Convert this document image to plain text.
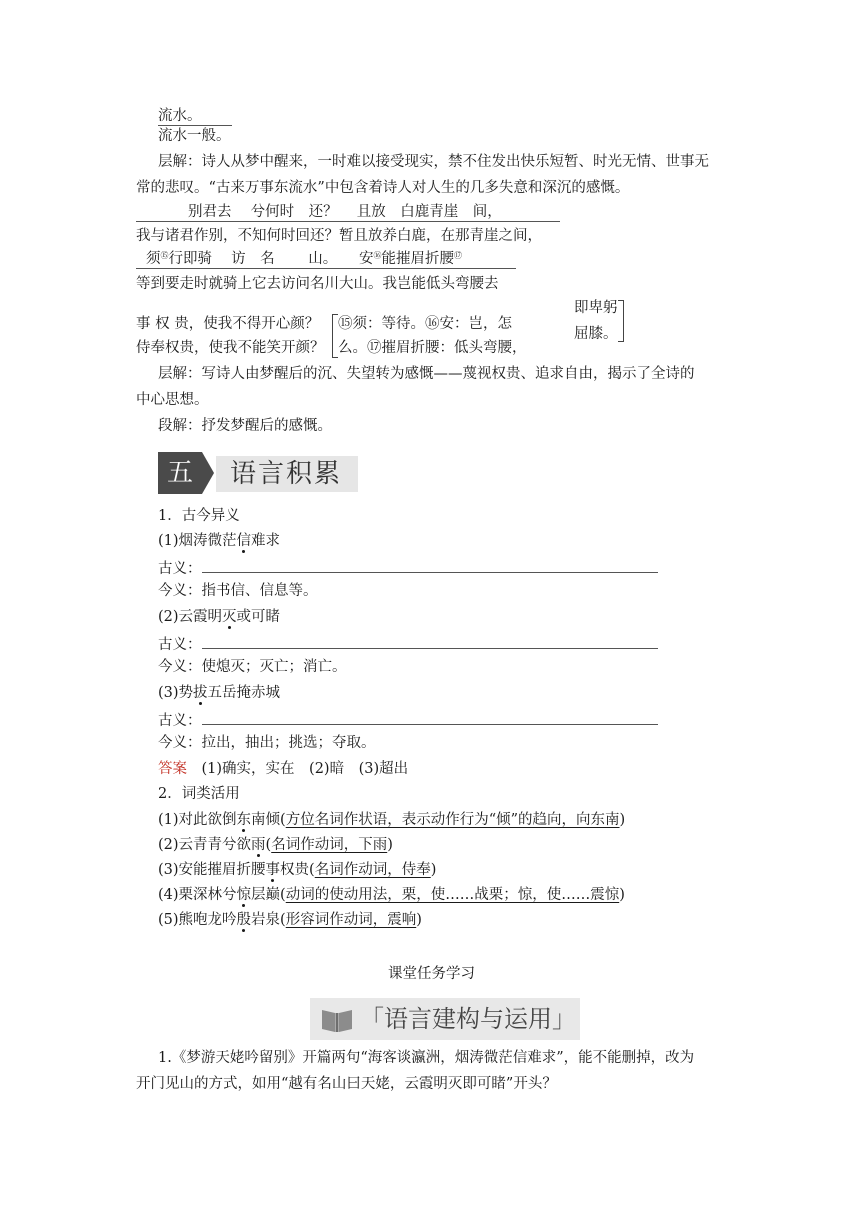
流水。
流水一般。
层解：诗人从梦中醒来，一时难以接受现实，禁不住发出快乐短暂、时光无情、世事无
常的悲叹。“古来万事东流水”中包含着诗人对人生的几多失意和深沉的感慨。
别君去　 兮何时　还？　 且放　白鹿青崖　间，
我与诸君作别，不知何时回还？暂且放养白鹿，在那青崖之间，
须⑮行即骑　 访　名　　 山。　　安⑯能摧眉折腰⑰
等到要走时就骑上它去访问名川大山。我岂能低头弯腰去
事 权 贵，使我不得开心颜？
侍奉权贵，使我不能笑开颜？
⑮须：等待。⑯安：岂，怎
么。⑰摧眉折腰：低头弯腰，
即卑躬
屈膝。
层解：写诗人由梦醒后的沉、失望转为感慨——蔑视权贵、追求自由，揭示了全诗的
中心思想。
段解：抒发梦醒后的感慨。
五	语言积累
1．古今异义
(1)烟涛微茫信难求
古义：
今义：指书信、信息等。
(2)云霞明灭或可睹
古义：
今义：使熄灭；灭亡；消亡。
(3)势拔五岳掩赤城
古义：
今义：拉出，抽出；挑选；夺取。
答案　 (1)确实，实在　(2)暗　(3)超出
2．词类活用
(1)对此欲倒东南倾(方位名词作状语，表示动作行为“倾”的趋向，向东南)
(2)云青青兮欲雨(名词作动词，下雨)
(3)安能摧眉折腰事权贵(名词作动词，侍奉)
(4)栗深林兮惊层巅(动词的使动用法，栗，使……战栗；惊，使……震惊)
(5)熊咆龙吟殷岩泉(形容词作动词，震响)
课堂任务学习
「语言建构与运用」
1.《梦游天姥吟留别》开篇两句“海客谈瀛洲，烟涛微茫信难求”，能不能删掉，改为
开门见山的方式，如用“越有名山曰天姥，云霞明灭即可睹”开头？
